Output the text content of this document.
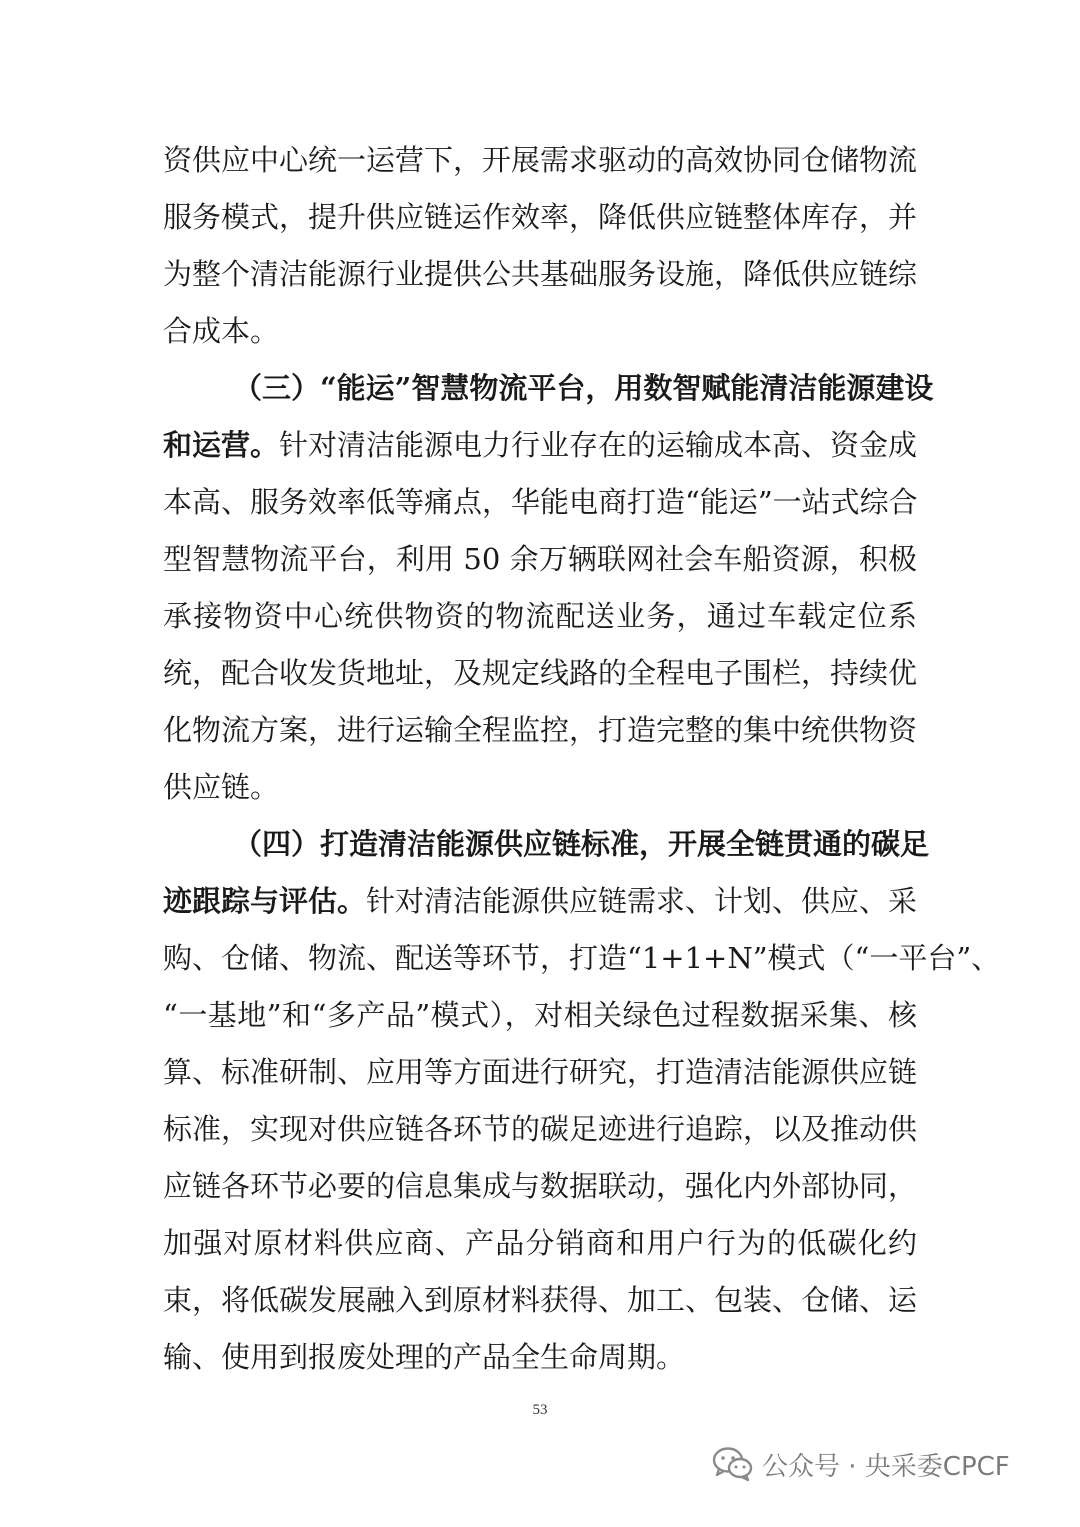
资供应中心统一运营下，开展需求驱动的高效协同仓储物流
服务模式，提升供应链运作效率，降低供应链整体库存，并
为整个清洁能源行业提供公共基础服务设施，降低供应链综
合成本。
（三）“能运”智慧物流平台，用数智赋能清洁能源建设
和运营。针对清洁能源电力行业存在的运输成本高、资金成
本高、服务效率低等痛点，华能电商打造“能运”一站式综合
型智慧物流平台，利用 50 余万辆联网社会车船资源，积极
承接物资中心统供物资的物流配送业务，通过车载定位系
统，配合收发货地址，及规定线路的全程电子围栏，持续优
化物流方案，进行运输全程监控，打造完整的集中统供物资
供应链。
（四）打造清洁能源供应链标准，开展全链贯通的碳足
迹跟踪与评估。针对清洁能源供应链需求、计划、供应、采
购、仓储、物流、配送等环节，打造“1+1+N”模式（“一平台”、
“一基地”和“多产品”模式），对相关绿色过程数据采集、核
算、标准研制、应用等方面进行研究，打造清洁能源供应链
标准，实现对供应链各环节的碳足迹进行追踪，以及推动供
应链各环节必要的信息集成与数据联动，强化内外部协同，
加强对原材料供应商、产品分销商和用户行为的低碳化约
束，将低碳发展融入到原材料获得、加工、包装、仓储、运
输、使用到报废处理的产品全生命周期。
53
公众号 · 央采委CPCF
